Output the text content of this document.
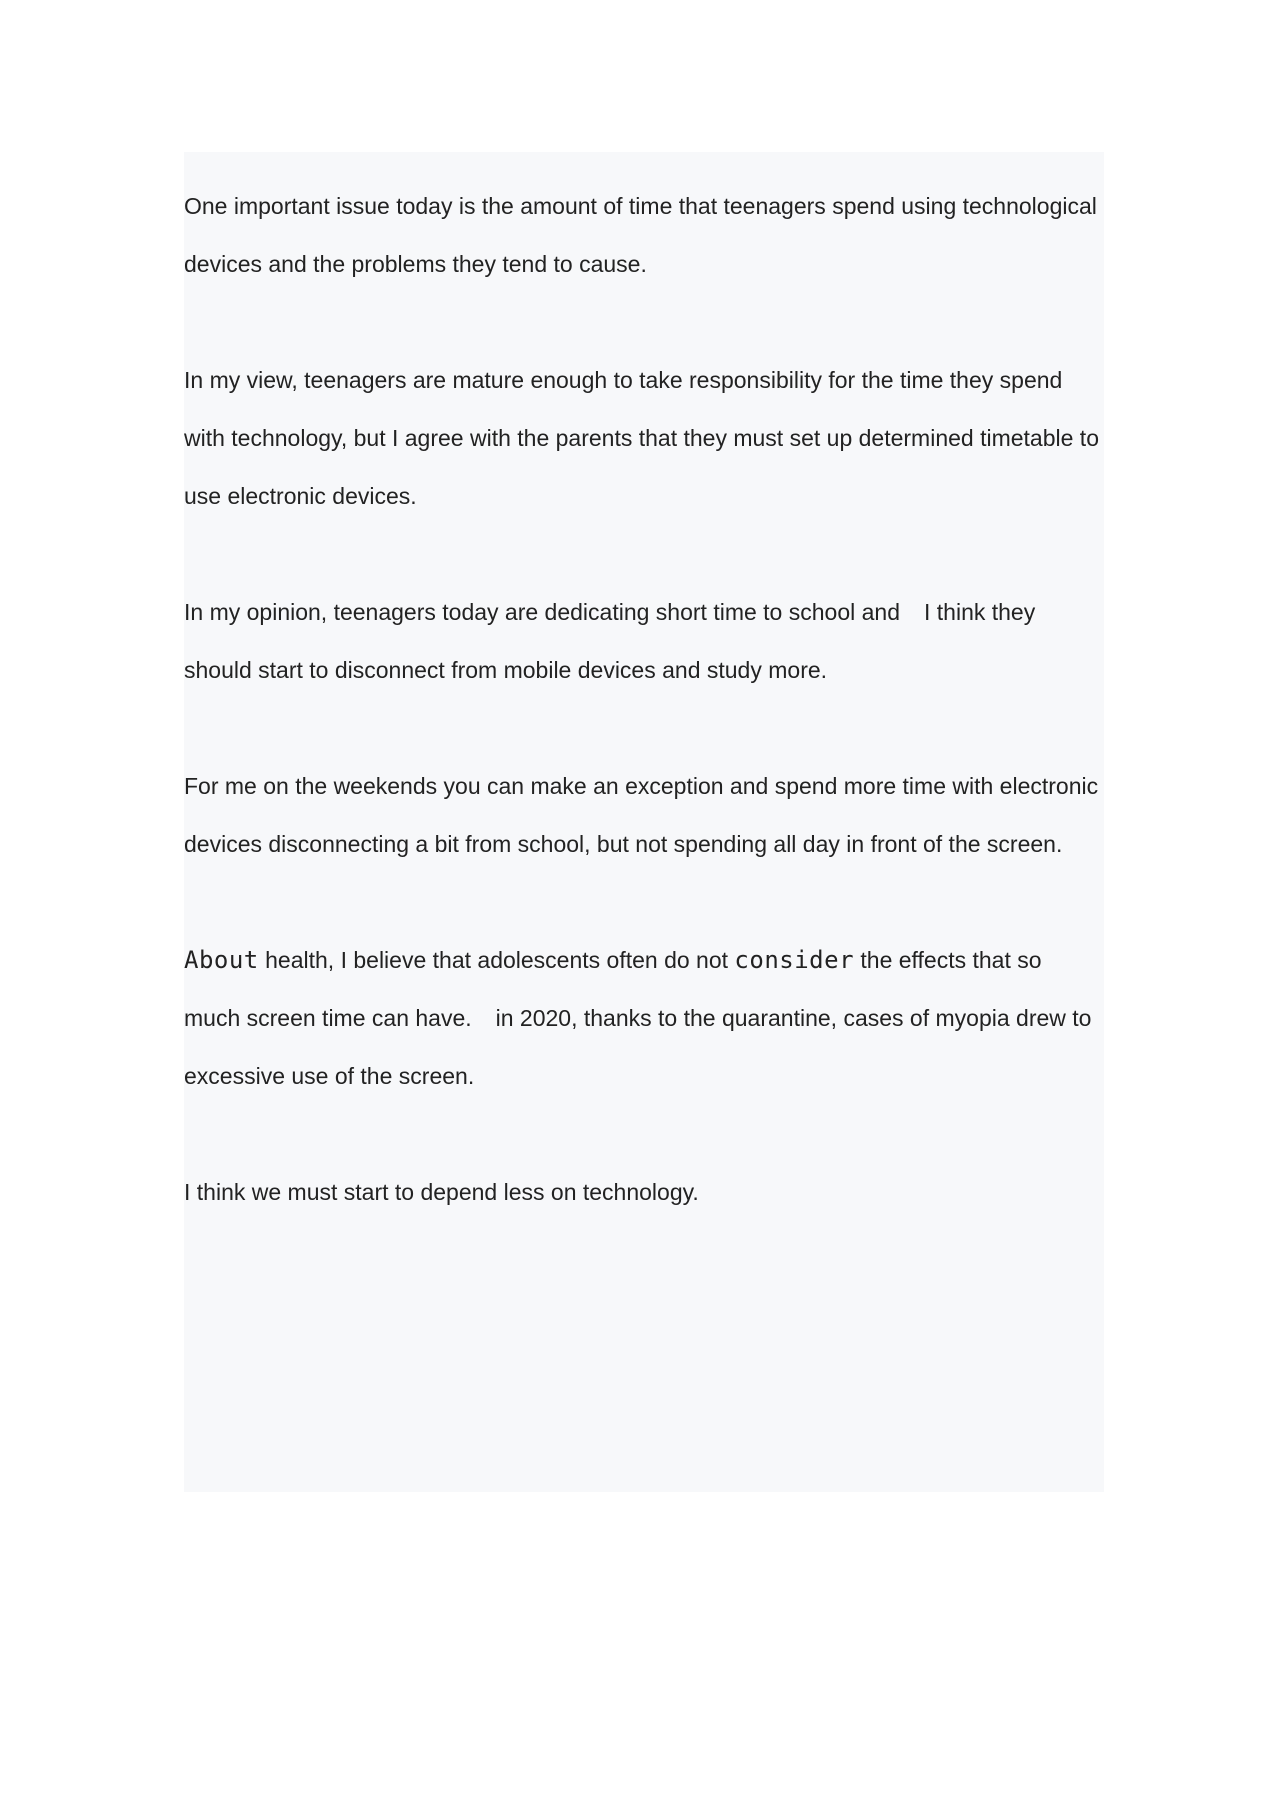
One important issue today is the amount of time that teenagers spend using technological devices and the problems they tend to cause.

In my view, teenagers are mature enough to take responsibility for the time they spend with technology, but I agree with the parents that they must set up determined timetable to use electronic devices.

In my opinion, teenagers today are dedicating short time to school and I think they should start to disconnect from mobile devices and study more.

For me on the weekends you can make an exception and spend more time with electronic devices disconnecting a bit from school, but not spending all day in front of the screen.

About health, I believe that adolescents often do not consider the effects that so much screen time can have. in 2020, thanks to the quarantine, cases of myopia drew to excessive use of the screen.

I think we must start to depend less on technology.
